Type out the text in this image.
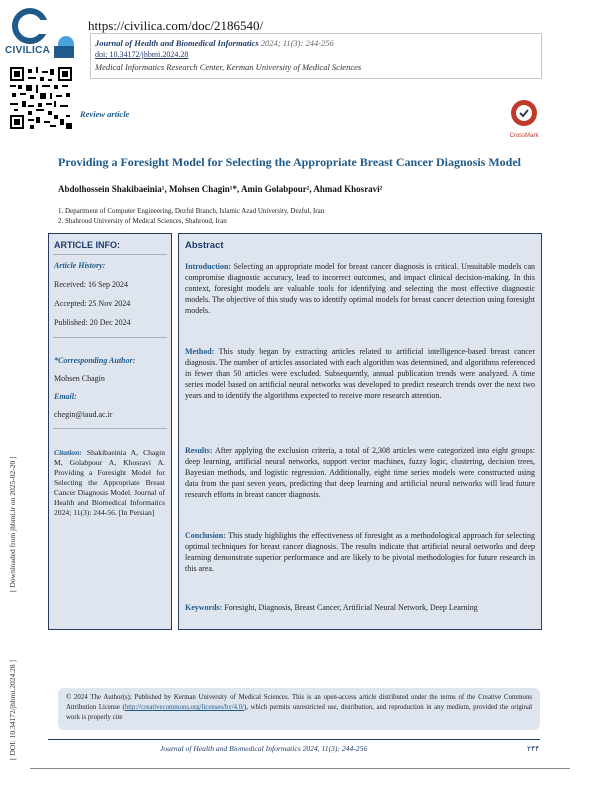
CIVILICA
https://civilica.com/doc/2186540/
Journal of Health and Biomedical Informatics 2024; 11(3): 244-256
doi: 10.34172/jhbmi.2024.28
Medical Informatics Research Center, Kerman University of Medical Sciences
Review article
CrossMark
Providing a Foresight Model for Selecting the Appropriate Breast Cancer Diagnosis Model
Abdolhossein Shakibaeinia¹, Mohsen Chagin¹*, Amin Golabpour², Ahmad Khosravi²
1. Department of Computer Engineering, Dezful Branch, Islamic Azad University, Dezful, Iran
2. Shahroud University of Medical Sciences, Shahroud, Iran
ARTICLE INFO:
Article History:
Received: 16 Sep 2024
Accepted: 25 Nov 2024
Published: 20 Dec 2024
*Corresponding Author:
Mohsen Chagin
Email:
chegin@iaud.ac.ir
Citation: Shakibaeinia A, Chagin M, Golabpour A, Khosravi A. Providing a Foresight Model for Selecting the Appropriate Breast Cancer Diagnosis Model. Journal of Health and Biomedical Informatics 2024; 11(3): 244-56. [In Persian]
Abstract
Introduction: Selecting an appropriate model for breast cancer diagnosis is critical. Unsuitable models can compromise diagnostic accuracy, lead to incorrect outcomes, and impact clinical decision-making. In this context, foresight models are valuable tools for identifying and selecting the most effective diagnostic models. The objective of this study was to identify optimal models for breast cancer detection using foresight models.
Method: This study began by extracting articles related to artificial intelligence-based breast cancer diagnosis. The number of articles associated with each algorithm was determined, and algorithms referenced in fewer than 50 articles were excluded. Subsequently, annual publication trends were analyzed. A time series model based on artificial neural networks was developed to predict research trends over the next two years and to identify the algorithms expected to receive more research attention.
Results: After applying the exclusion criteria, a total of 2,308 articles were categorized into eight groups: deep learning, artificial neural networks, support vector machines, fuzzy logic, clustering, decision trees, Bayesian methods, and logistic regression. Additionally, eight time series models were constructed using data from the past seven years, predicting that deep learning and artificial neural networks will lead future research efforts in breast cancer diagnosis.
Conclusion: This study highlights the effectiveness of foresight as a methodological approach for selecting optimal techniques for breast cancer diagnosis. The results indicate that artificial neural networks and deep learning demonstrate superior performance and are likely to be pivotal methodologies for future research in this area.
Keywords: Foresight, Diagnosis, Breast Cancer, Artificial Neural Network, Deep Learning
© 2024 The Author(s); Published by Kerman University of Medical Sciences. This is an open-access article distributed under the terms of the Creative Commons Attribution License (http://creativecommons.org/licenses/by/4.0/), which permits unrestricted use, distribution, and reproduction in any medium, provided the original work is properly cite
Journal of Health and Biomedical Informatics 2024, 11(3): 244-256	۲۴۴
[ Downloaded from jhbmi.ir on 2025-02-20 ]
[ DOI: 10.34172/jhbmi.2024.28 ]
